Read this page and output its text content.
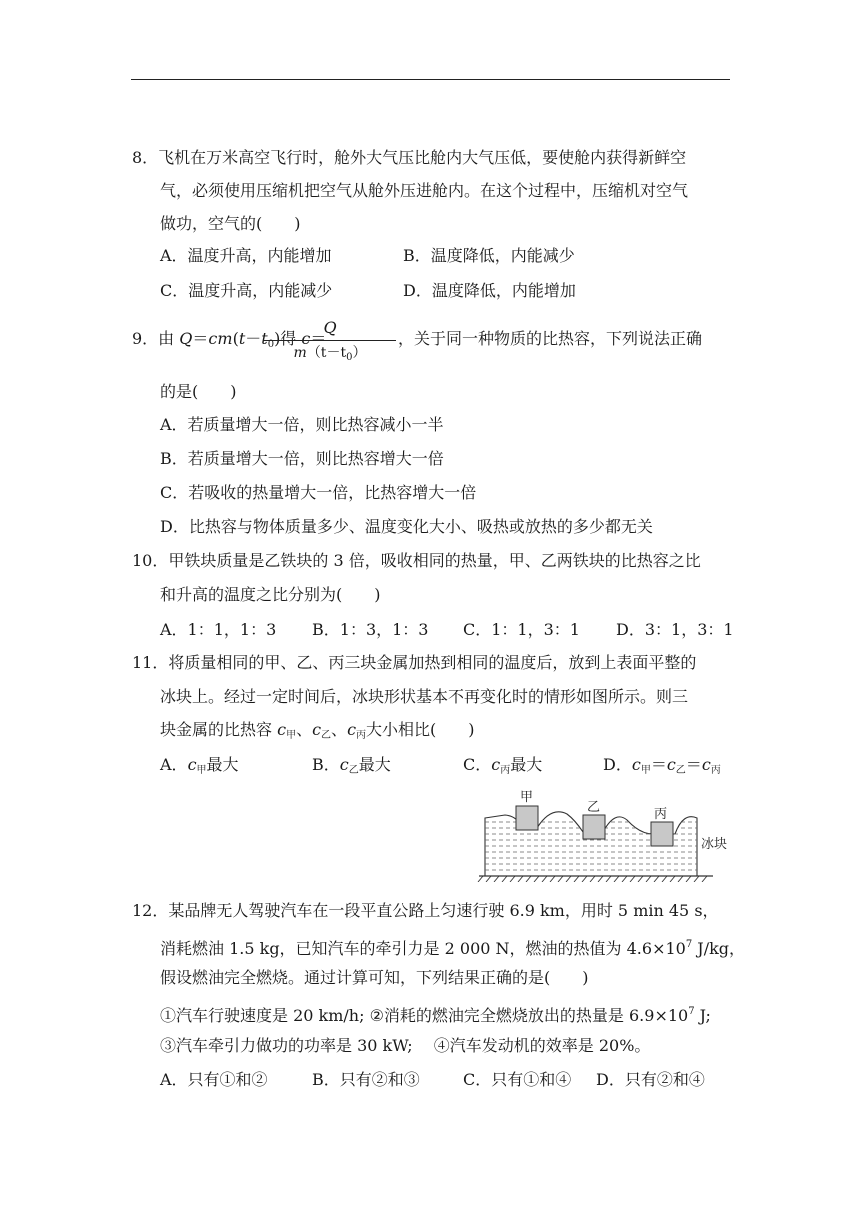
8．飞机在万米高空飞行时，舱外大气压比舱内大气压低，要使舱内获得新鲜空
气，必须使用压缩机把空气从舱外压进舱内。在这个过程中，压缩机对空气
做功，空气的(　　)
A．温度升高，内能增加	B．温度降低，内能减少
C．温度升高，内能减少	D．温度降低，内能增加
9．由 $Q=cm(t-t_0)$得 c＝
Q
$m(t-t_0)$
，关于同一种物质的比热容，下列说法正确
的是(　　)
A．若质量增大一倍，则比热容减小一半
B．若质量增大一倍，则比热容增大一倍
C．若吸收的热量增大一倍，比热容增大一倍
D．比热容与物体质量多少、温度变化大小、吸热或放热的多少都无关
10．甲铁块质量是乙铁块的 3 倍，吸收相同的热量，甲、乙两铁块的比热容之比
和升高的温度之比分别为(　　)
A．1：1，1：3 B．1：3，1：3 C．1：1，3：1 D．3：1，3：1
11．将质量相同的甲、乙、丙三块金属加热到相同的温度后，放到上表面平整的
冰块上。经过一定时间后，冰块形状基本不再变化时的情形如图所示。则三
块金属的比热容 $c_甲$、$c_乙$、$c_丙$大小相比(　　)
A．$c_甲$最大	B．$c_乙$最大	C．$c_丙$最大	D．$c_甲=c_乙=c_丙$
甲
乙	丙
冰块
12．某品牌无人驾驶汽车在一段平直公路上匀速行驶 6.9 km，用时 5 min 45 s，
消耗燃油 1.5 kg，已知汽车的牵引力是 2 000 N，燃油的热值为 $4.6\times 10^7$ J/kg，
假设燃油完全燃烧。通过计算可知，下列结果正确的是(　　)
①汽车行驶速度是 20 km/h; ②消耗的燃油完全燃烧放出的热量是 $6.9\times 10^7$ J;
③汽车牵引力做功的功率是 30 kW; 　④汽车发动机的效率是 20%。
A．只有①和②	B．只有②和③	C．只有①和④ D．只有②和④
